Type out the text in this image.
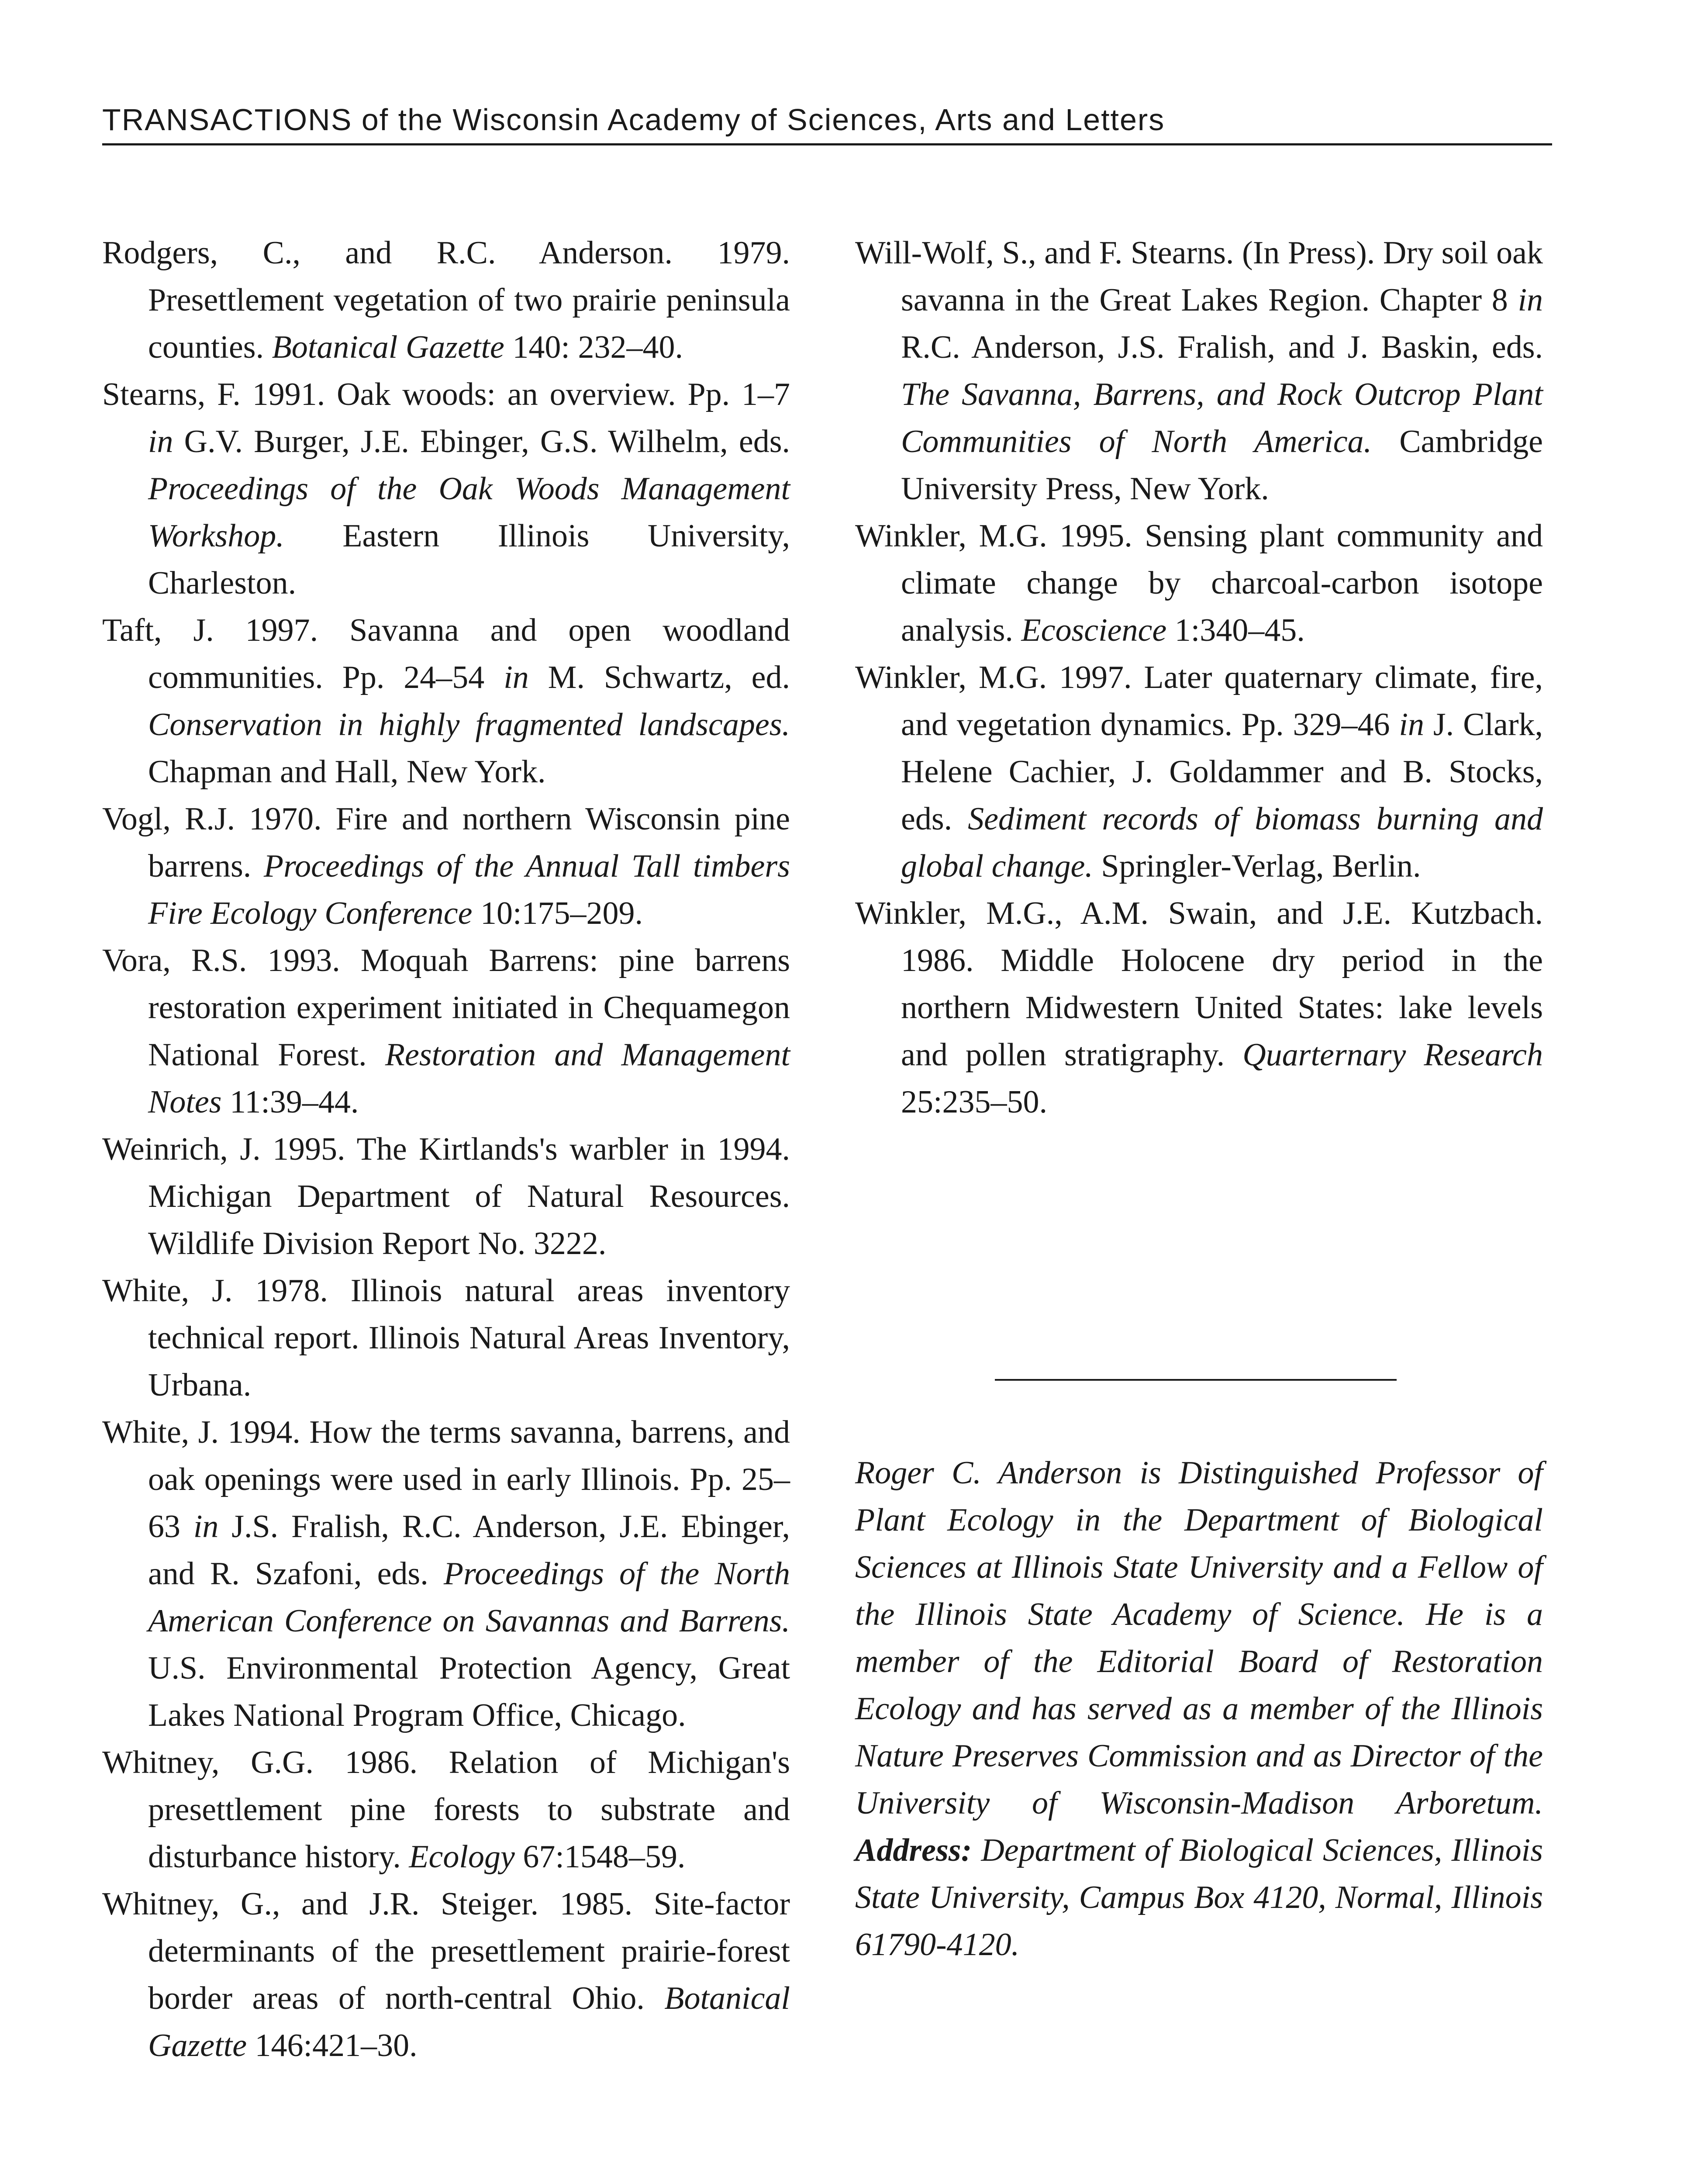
TRANSACTIONS of the Wisconsin Academy of Sciences, Arts and Letters

Rodgers, C., and R.C. Anderson. 1979. Presettlement vegetation of two prairie peninsula counties. Botanical Gazette 140: 232–40.

Stearns, F. 1991. Oak woods: an overview. Pp. 1–7 in G.V. Burger, J.E. Ebinger, G.S. Wilhelm, eds. Proceedings of the Oak Woods Management Workshop. Eastern Illinois University, Charleston.

Taft, J. 1997. Savanna and open woodland communities. Pp. 24–54 in M. Schwartz, ed. Conservation in highly fragmented landscapes. Chapman and Hall, New York.

Vogl, R.J. 1970. Fire and northern Wisconsin pine barrens. Proceedings of the Annual Tall timbers Fire Ecology Conference 10:175–209.

Vora, R.S. 1993. Moquah Barrens: pine barrens restoration experiment initiated in Chequamegon National Forest. Restoration and Management Notes 11:39–44.

Weinrich, J. 1995. The Kirtlands's warbler in 1994. Michigan Department of Natural Resources. Wildlife Division Report No. 3222.

White, J. 1978. Illinois natural areas inventory technical report. Illinois Natural Areas Inventory, Urbana.

White, J. 1994. How the terms savanna, barrens, and oak openings were used in early Illinois. Pp. 25–63 in J.S. Fralish, R.C. Anderson, J.E. Ebinger, and R. Szafoni, eds. Proceedings of the North American Conference on Savannas and Barrens. U.S. Environmental Protection Agency, Great Lakes National Program Office, Chicago.

Whitney, G.G. 1986. Relation of Michigan's presettlement pine forests to substrate and disturbance history. Ecology 67:1548–59.

Whitney, G., and J.R. Steiger. 1985. Site-factor determinants of the presettlement prairie-forest border areas of north-central Ohio. Botanical Gazette 146:421–30.

Will-Wolf, S., and F. Stearns. (In Press). Dry soil oak savanna in the Great Lakes Region. Chapter 8 in R.C. Anderson, J.S. Fralish, and J. Baskin, eds. The Savanna, Barrens, and Rock Outcrop Plant Communities of North America. Cambridge University Press, New York.

Winkler, M.G. 1995. Sensing plant community and climate change by charcoal-carbon isotope analysis. Ecoscience 1:340–45.

Winkler, M.G. 1997. Later quaternary climate, fire, and vegetation dynamics. Pp. 329–46 in J. Clark, Helene Cachier, J. Goldammer and B. Stocks, eds. Sediment records of biomass burning and global change. Springler-Verlag, Berlin.

Winkler, M.G., A.M. Swain, and J.E. Kutzbach. 1986. Middle Holocene dry period in the northern Midwestern United States: lake levels and pollen stratigraphy. Quarternary Research 25:235–50.

Roger C. Anderson is Distinguished Professor of Plant Ecology in the Department of Biological Sciences at Illinois State University and a Fellow of the Illinois State Academy of Science. He is a member of the Editorial Board of Restoration Ecology and has served as a member of the Illinois Nature Preserves Commission and as Director of the University of Wisconsin-Madison Arboretum. Address: Department of Biological Sciences, Illinois State University, Campus Box 4120, Normal, Illinois 61790-4120.
